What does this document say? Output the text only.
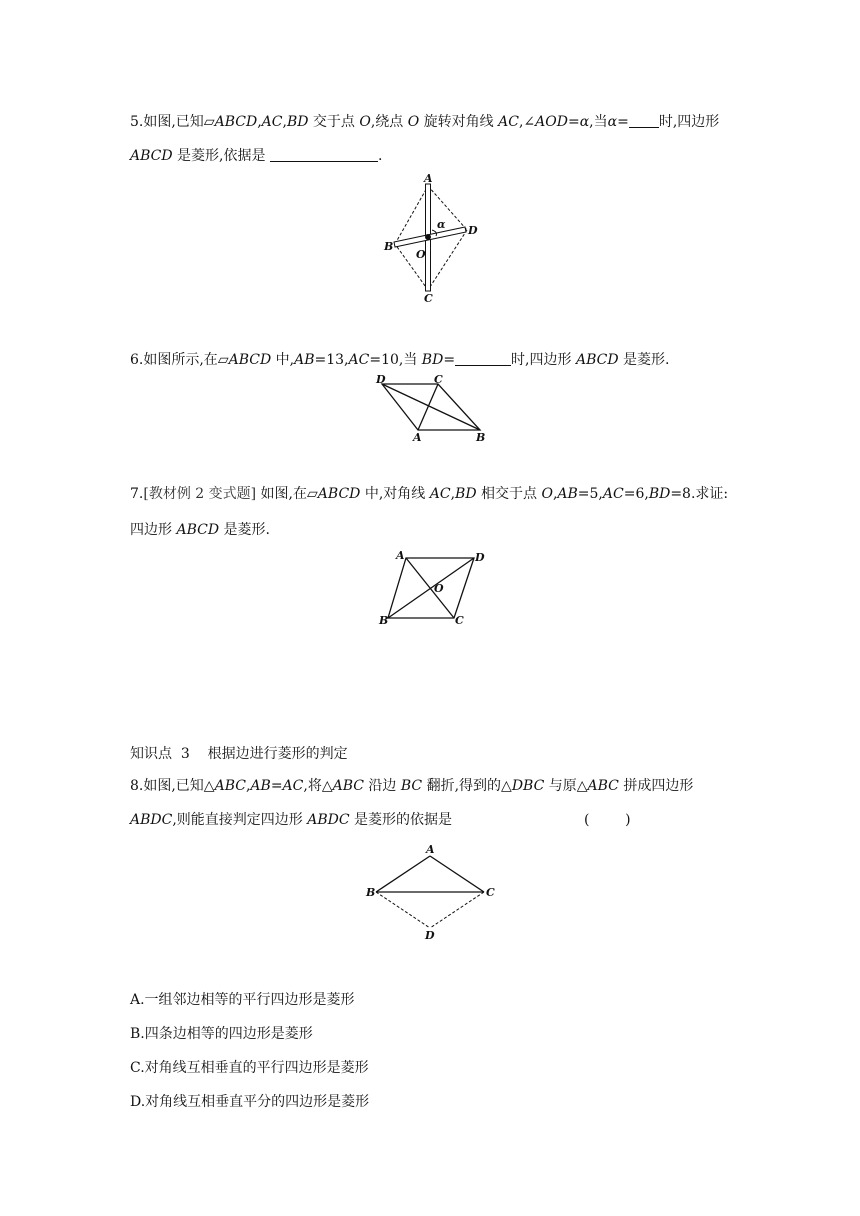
5.如图,已知▱ABCD,AC,BD 交于点 O,绕点 O 旋转对角线 AC,∠AOD=α,当α= 时,四边形
ABCD 是菱形,依据是	.
A
B
C
D
O
α
6.如图所示,在▱ABCD 中,AB=13,AC=10,当 BD=	时,四边形 ABCD 是菱形.
D	C
A	B
7.[教材例 2 变式题] 如图,在▱ABCD 中,对角线 AC,BD 相交于点 O,AB=5,AC=6,BD=8.求证:
四边形 ABCD 是菱形.
A	D
O
B	C
知识点  3    根据边进行菱形的判定
8.如图,已知△ABC,AB=AC,将△ABC 沿边 BC 翻折,得到的△DBC 与原△ABC 拼成四边形
ABDC,则能直接判定四边形 ABDC 是菱形的依据是	(        )
A
B	C
D
A.一组邻边相等的平行四边形是菱形
B.四条边相等的四边形是菱形
C.对角线互相垂直的平行四边形是菱形
D.对角线互相垂直平分的四边形是菱形
